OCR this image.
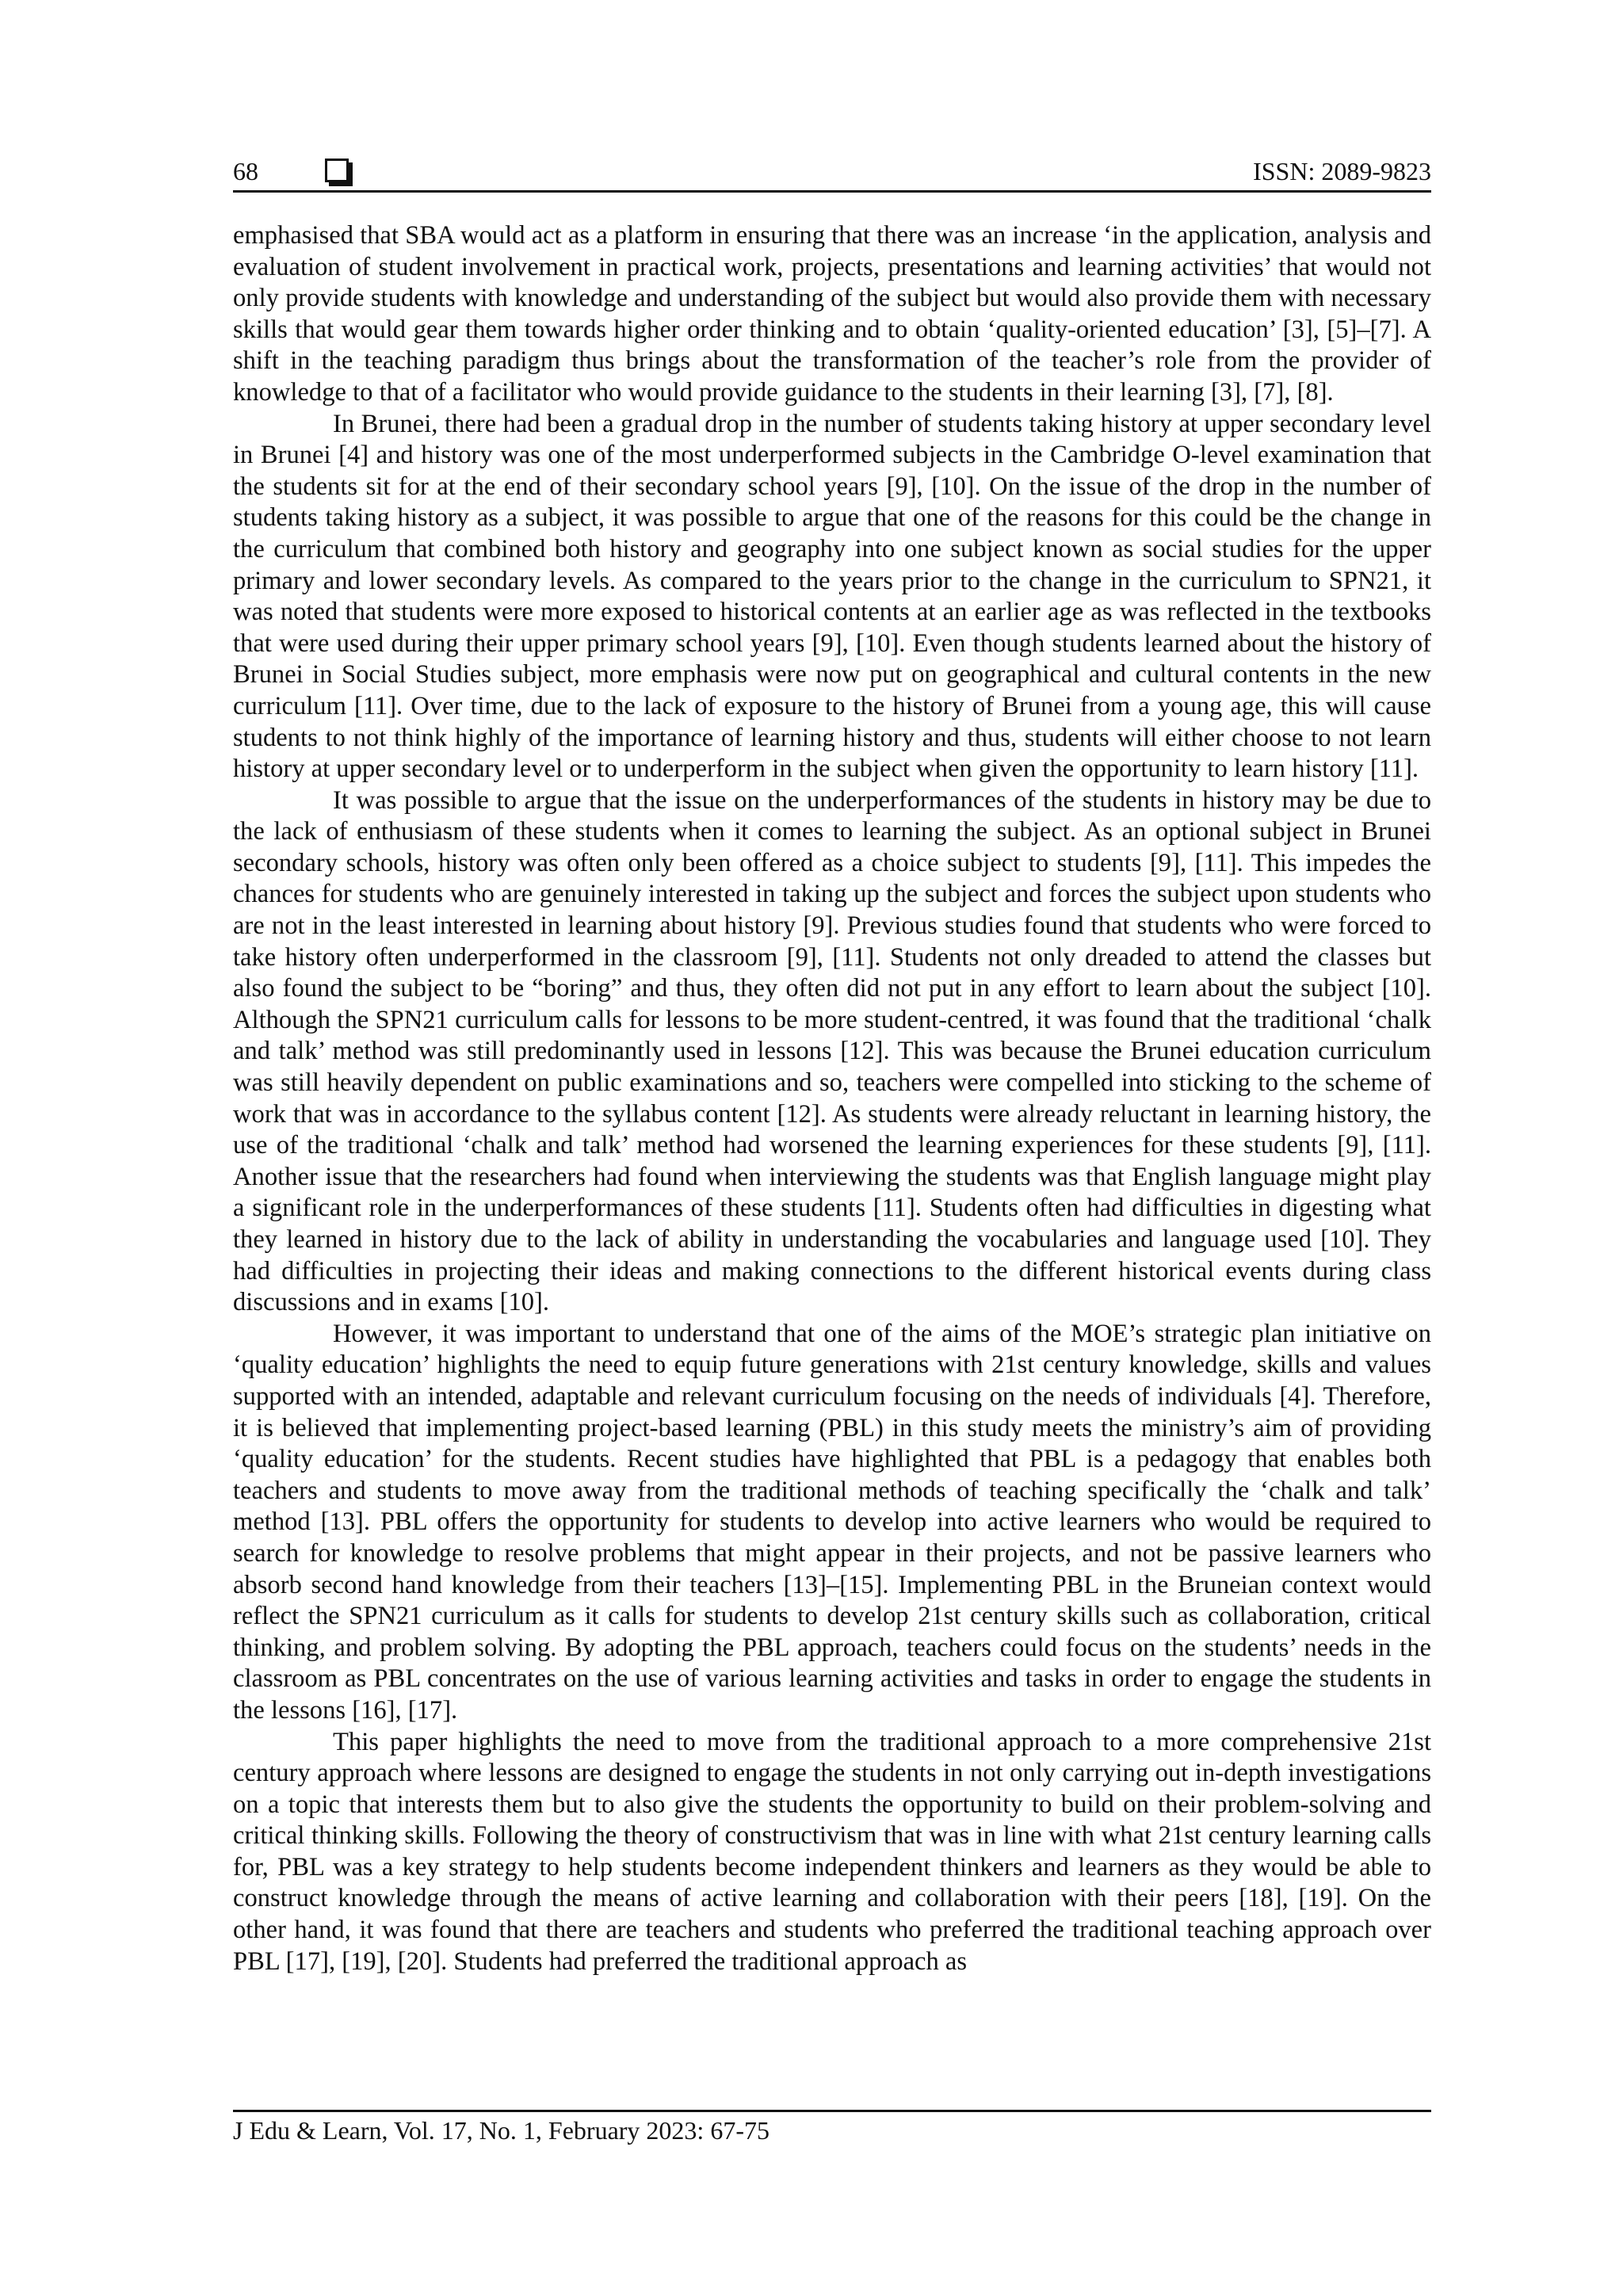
68	ISSN: 2089-9823

emphasised that SBA would act as a platform in ensuring that there was an increase ‘in the application, analysis and evaluation of student involvement in practical work, projects, presentations and learning activities’ that would not only provide students with knowledge and understanding of the subject but would also provide them with necessary skills that would gear them towards higher order thinking and to obtain ‘quality-oriented education’ [3], [5]–[7]. A shift in the teaching paradigm thus brings about the transformation of the teacher’s role from the provider of knowledge to that of a facilitator who would provide guidance to the students in their learning [3], [7], [8].

In Brunei, there had been a gradual drop in the number of students taking history at upper secondary level in Brunei [4] and history was one of the most underperformed subjects in the Cambridge O-level examination that the students sit for at the end of their secondary school years [9], [10]. On the issue of the drop in the number of students taking history as a subject, it was possible to argue that one of the reasons for this could be the change in the curriculum that combined both history and geography into one subject known as social studies for the upper primary and lower secondary levels. As compared to the years prior to the change in the curriculum to SPN21, it was noted that students were more exposed to historical contents at an earlier age as was reflected in the textbooks that were used during their upper primary school years [9], [10]. Even though students learned about the history of Brunei in Social Studies subject, more emphasis were now put on geographical and cultural contents in the new curriculum [11]. Over time, due to the lack of exposure to the history of Brunei from a young age, this will cause students to not think highly of the importance of learning history and thus, students will either choose to not learn history at upper secondary level or to underperform in the subject when given the opportunity to learn history [11].

It was possible to argue that the issue on the underperformances of the students in history may be due to the lack of enthusiasm of these students when it comes to learning the subject. As an optional subject in Brunei secondary schools, history was often only been offered as a choice subject to students [9], [11]. This impedes the chances for students who are genuinely interested in taking up the subject and forces the subject upon students who are not in the least interested in learning about history [9]. Previous studies found that students who were forced to take history often underperformed in the classroom [9], [11]. Students not only dreaded to attend the classes but also found the subject to be “boring” and thus, they often did not put in any effort to learn about the subject [10]. Although the SPN21 curriculum calls for lessons to be more student-centred, it was found that the traditional ‘chalk and talk’ method was still predominantly used in lessons [12]. This was because the Brunei education curriculum was still heavily dependent on public examinations and so, teachers were compelled into sticking to the scheme of work that was in accordance to the syllabus content [12]. As students were already reluctant in learning history, the use of the traditional ‘chalk and talk’ method had worsened the learning experiences for these students [9], [11]. Another issue that the researchers had found when interviewing the students was that English language might play a significant role in the underperformances of these students [11]. Students often had difficulties in digesting what they learned in history due to the lack of ability in understanding the vocabularies and language used [10]. They had difficulties in projecting their ideas and making connections to the different historical events during class discussions and in exams [10].

However, it was important to understand that one of the aims of the MOE’s strategic plan initiative on ‘quality education’ highlights the need to equip future generations with 21st century knowledge, skills and values supported with an intended, adaptable and relevant curriculum focusing on the needs of individuals [4]. Therefore, it is believed that implementing project-based learning (PBL) in this study meets the ministry’s aim of providing ‘quality education’ for the students. Recent studies have highlighted that PBL is a pedagogy that enables both teachers and students to move away from the traditional methods of teaching specifically the ‘chalk and talk’ method [13]. PBL offers the opportunity for students to develop into active learners who would be required to search for knowledge to resolve problems that might appear in their projects, and not be passive learners who absorb second hand knowledge from their teachers [13]–[15]. Implementing PBL in the Bruneian context would reflect the SPN21 curriculum as it calls for students to develop 21st century skills such as collaboration, critical thinking, and problem solving. By adopting the PBL approach, teachers could focus on the students’ needs in the classroom as PBL concentrates on the use of various learning activities and tasks in order to engage the students in the lessons [16], [17].

This paper highlights the need to move from the traditional approach to a more comprehensive 21st century approach where lessons are designed to engage the students in not only carrying out in-depth investigations on a topic that interests them but to also give the students the opportunity to build on their problem-solving and critical thinking skills. Following the theory of constructivism that was in line with what 21st century learning calls for, PBL was a key strategy to help students become independent thinkers and learners as they would be able to construct knowledge through the means of active learning and collaboration with their peers [18], [19]. On the other hand, it was found that there are teachers and students who preferred the traditional teaching approach over PBL [17], [19], [20]. Students had preferred the traditional approach as

J Edu & Learn, Vol. 17, No. 1, February 2023: 67-75
